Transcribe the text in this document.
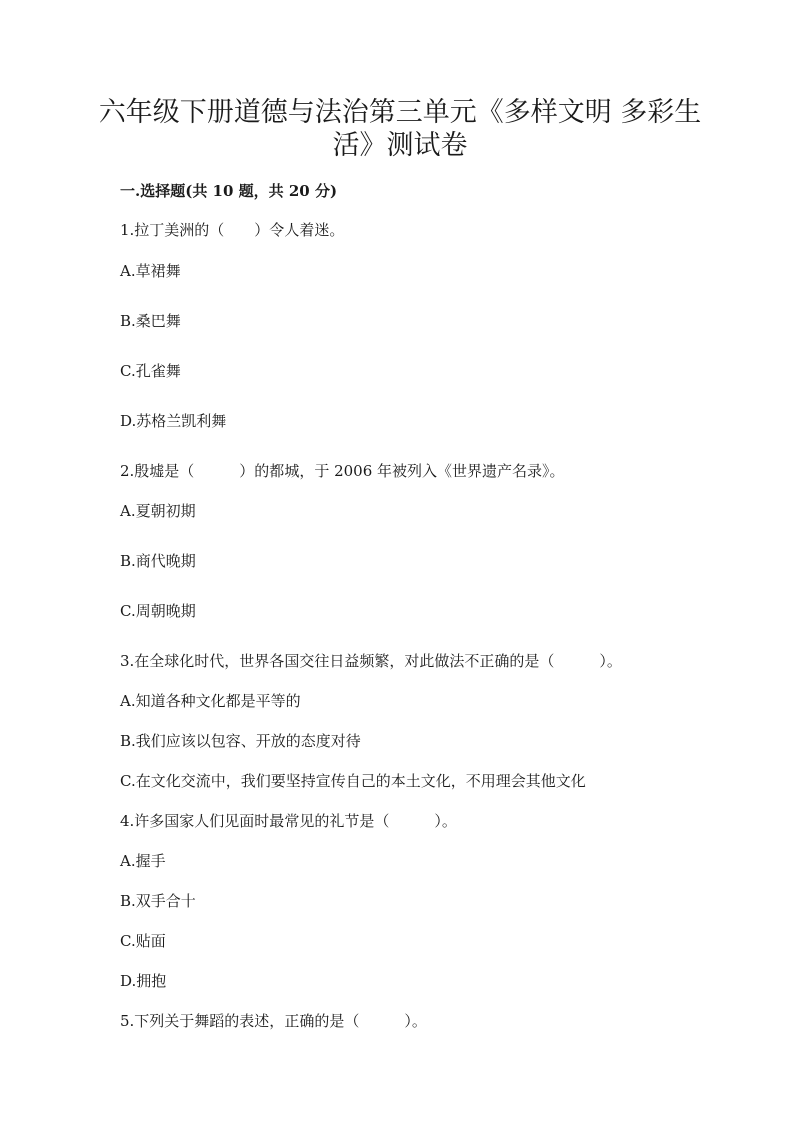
六年级下册道德与法治第三单元《多样文明 多彩生
活》测试卷
一.选择题(共 10 题，共 20 分)
1.拉丁美洲的（　　）令人着迷。
A.草裙舞
B.桑巴舞
C.孔雀舞
D.苏格兰凯利舞
2.殷墟是（　　　）的都城，于 2006 年被列入《世界遗产名录》。
A.夏朝初期
B.商代晚期
C.周朝晚期
3.在全球化时代，世界各国交往日益频繁，对此做法不正确的是（　　　）。
A.知道各种文化都是平等的
B.我们应该以包容、开放的态度对待
C.在文化交流中，我们要坚持宣传自己的本土文化，不用理会其他文化
4.许多国家人们见面时最常见的礼节是（　　　）。
A.握手
B.双手合十
C.贴面
D.拥抱
5.下列关于舞蹈的表述，正确的是（　　　）。
